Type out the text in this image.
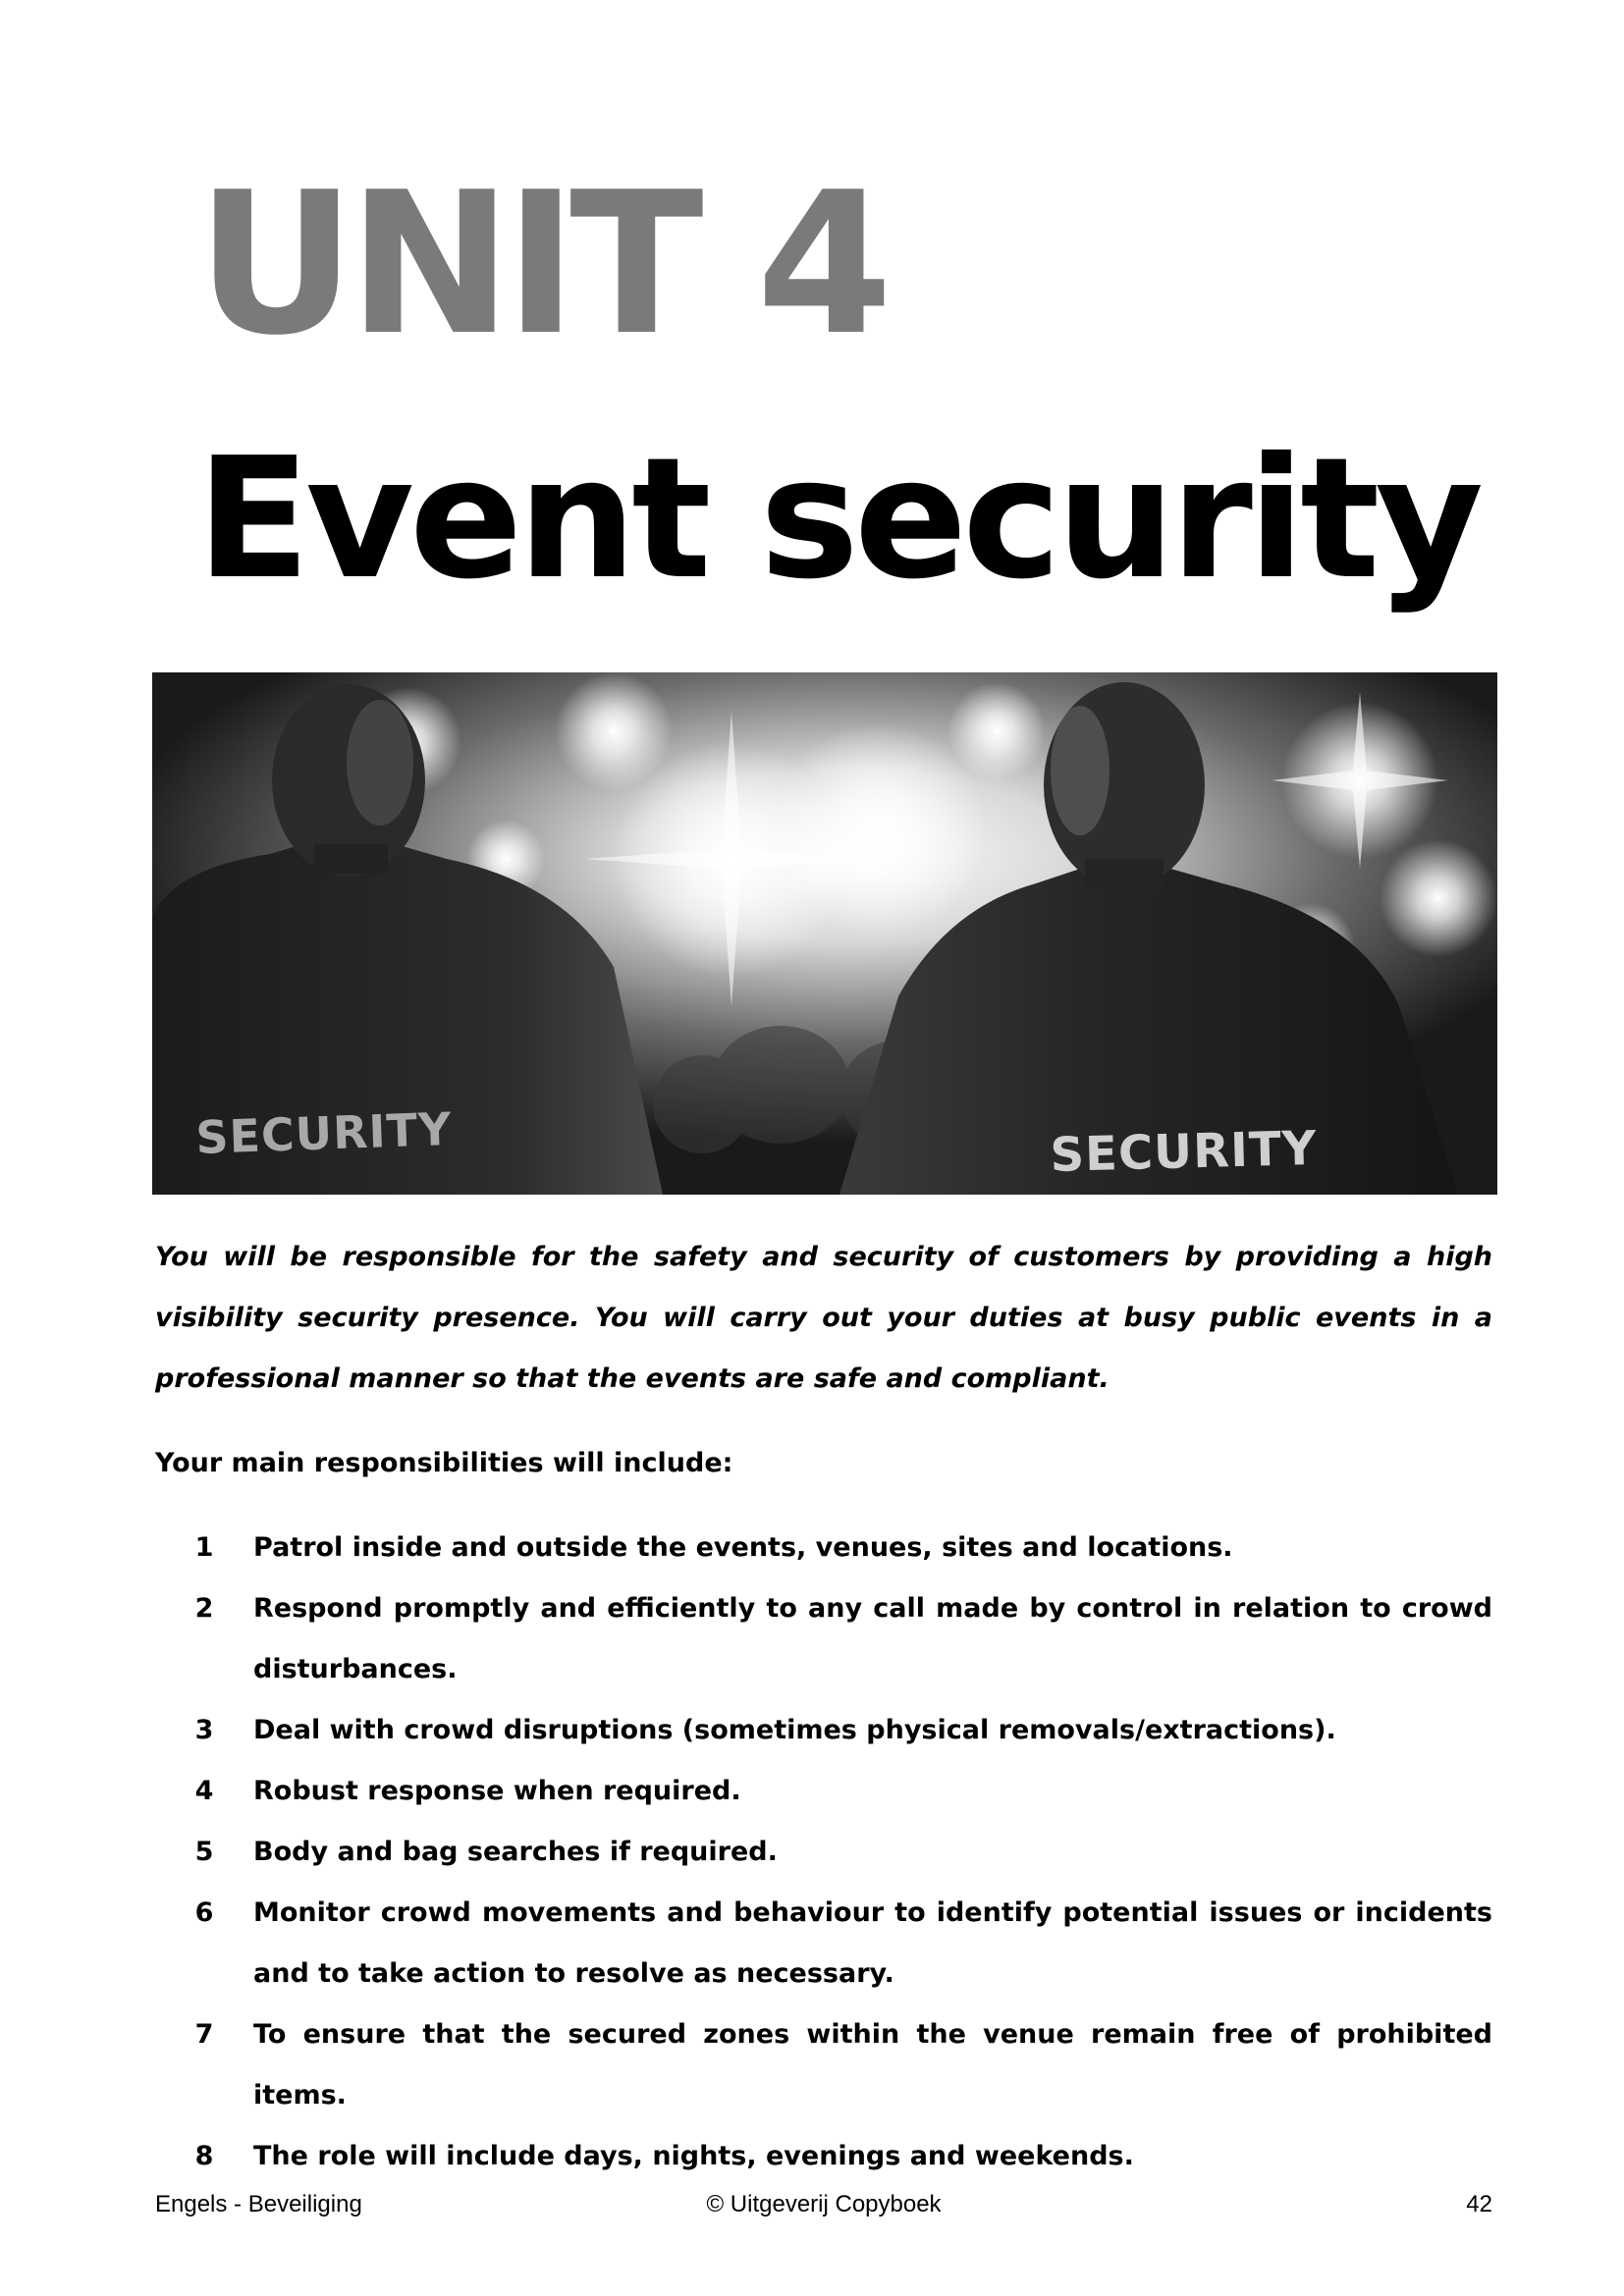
UNIT 4
Event security
SECURITY	SECURITY

You will be responsible for the safety and security of customers by providing a high visibility security presence. You will carry out your duties at busy public events in a professional manner so that the events are safe and compliant.

Your main responsibilities will include:

1	Patrol inside and outside the events, venues, sites and locations.
2	Respond promptly and efficiently to any call made by control in relation to crowd disturbances.
3	Deal with crowd disruptions (sometimes physical removals/extractions).
4	Robust response when required.
5	Body and bag searches if required.
6	Monitor crowd movements and behaviour to identify potential issues or incidents and to take action to resolve as necessary.
7	To ensure that the secured zones within the venue remain free of prohibited items.
8	The role will include days, nights, evenings and weekends.
Engels - Beveiliging	© Uitgeverij Copyboek	42
